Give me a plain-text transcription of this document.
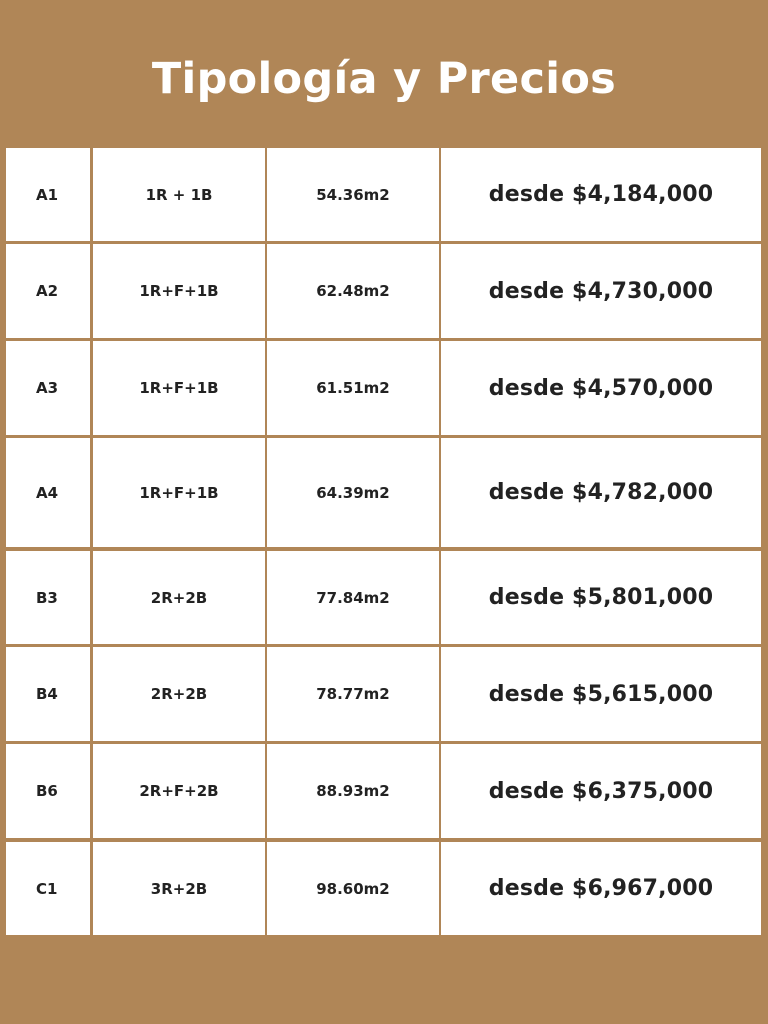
Tipología y Precios
A1	1R + 1B	54.36m2	desde $4,184,000
A2	1R+F+1B	62.48m2	desde $4,730,000
A3	1R+F+1B	61.51m2	desde $4,570,000
A4	1R+F+1B	64.39m2	desde $4,782,000
B3	2R+2B	77.84m2	desde $5,801,000
B4	2R+2B	78.77m2	desde $5,615,000
B6	2R+F+2B	88.93m2	desde $6,375,000
C1	3R+2B	98.60m2	desde $6,967,000
